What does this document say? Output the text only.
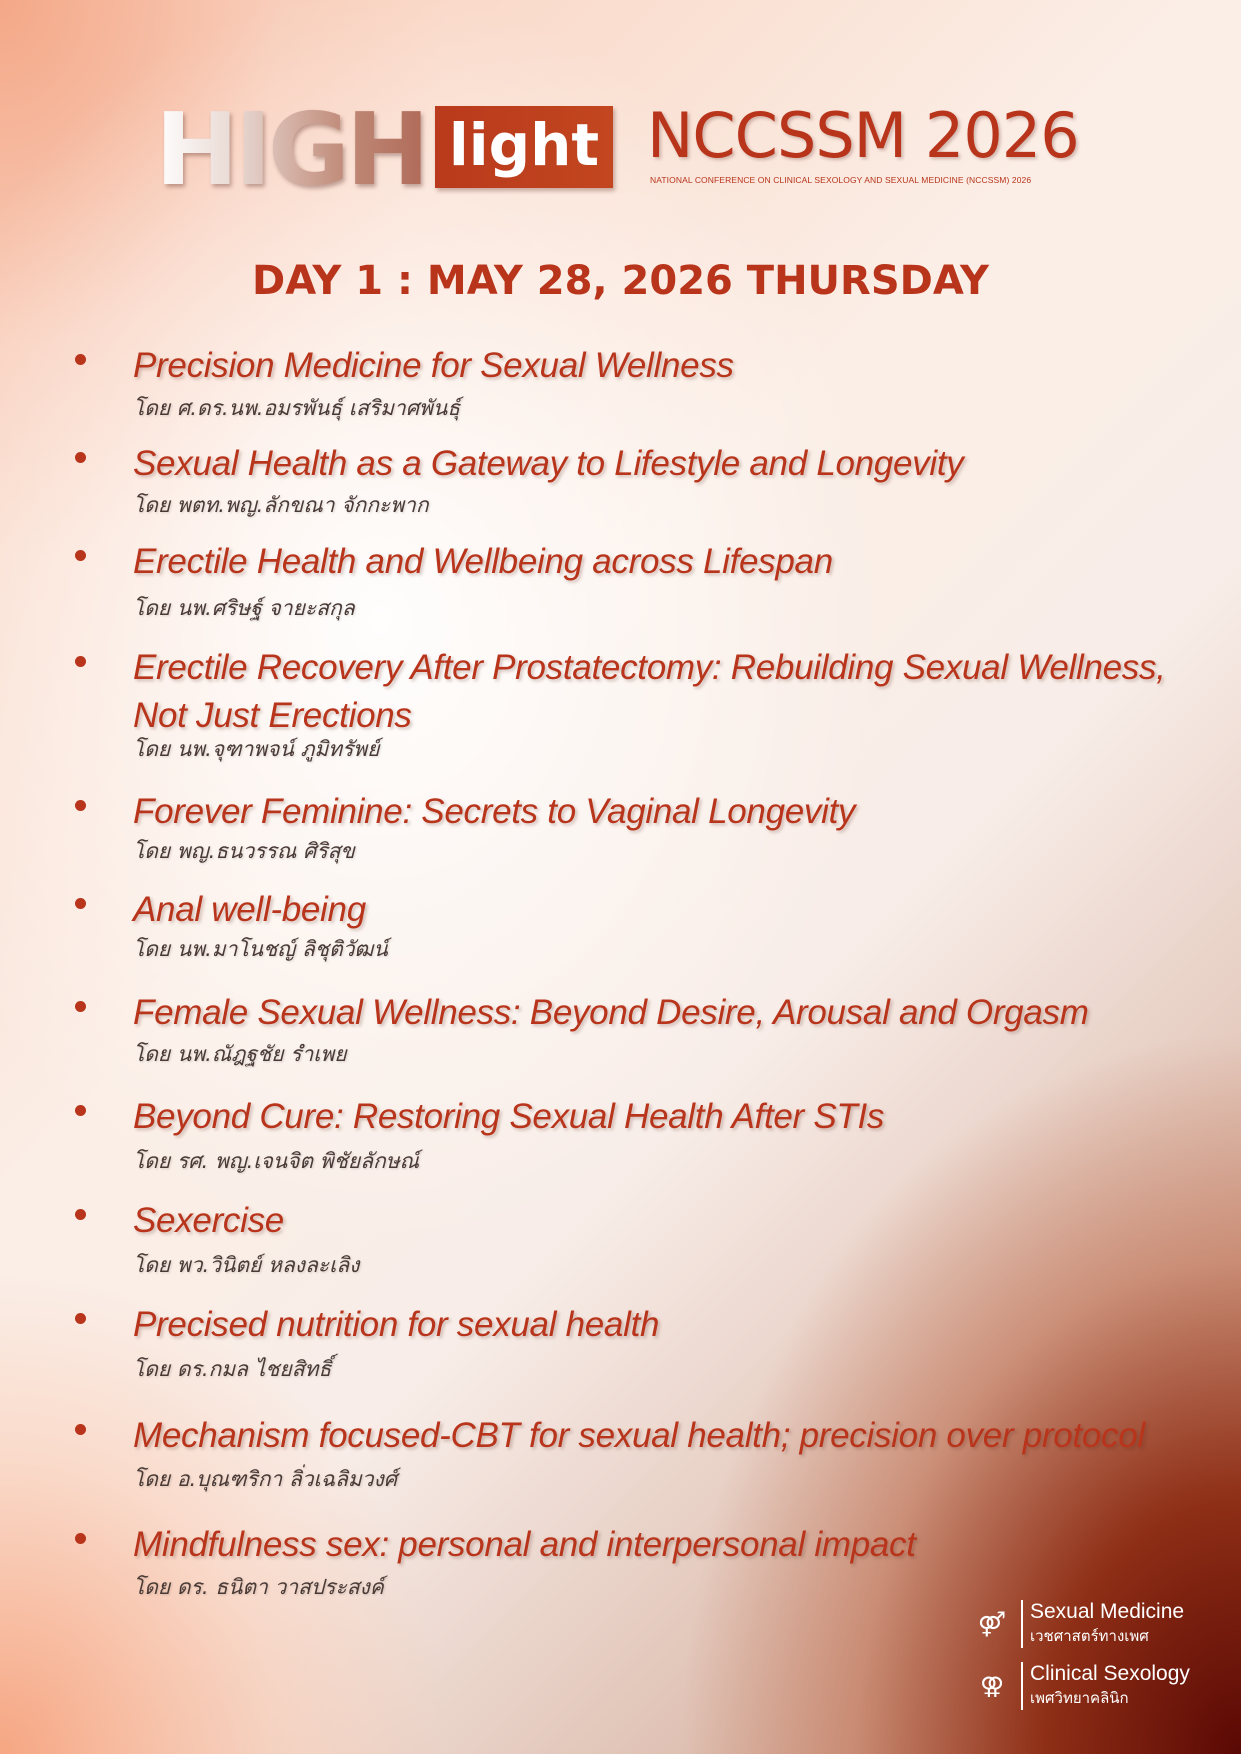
HIGH light NCCSSM 2026
NATIONAL CONFERENCE ON CLINICAL SEXOLOGY AND SEXUAL MEDICINE (NCCSSM) 2026
DAY 1 : MAY 28, 2026 THURSDAY
Precision Medicine for Sexual Wellness
โดย ศ.ดร.นพ.อมรพันธุ์ เสริมาศพันธุ์
Sexual Health as a Gateway to Lifestyle and Longevity
โดย พตท.พญ.ลักขณา จักกะพาก
Erectile Health and Wellbeing across Lifespan
โดย นพ.ศริษฐ์ จายะสกุล
Erectile Recovery After Prostatectomy: Rebuilding Sexual Wellness, Not Just Erections
โดย นพ.จุฑาพจน์ ภูมิทรัพย์
Forever Feminine: Secrets to Vaginal Longevity
โดย พญ.ธนวรรณ ศิริสุข
Anal well-being
โดย นพ.มาโนชญ์ ลิชุติวัฒน์
Female Sexual Wellness: Beyond Desire, Arousal and Orgasm
โดย นพ.ณัฎฐชัย รำเพย
Beyond Cure: Restoring Sexual Health After STIs
โดย รศ. พญ.เจนจิต พิชัยลักษณ์
Sexercise
โดย พว.วินิตย์ หลงละเลิง
Precised nutrition for sexual health
โดย ดร.กมล ไชยสิทธิ์
Mechanism focused-CBT for sexual health; precision over protocol
โดย อ.บุณฑริกา ลิ่วเฉลิมวงศ์
Mindfulness sex: personal and interpersonal impact
โดย ดร. ธนิตา วาสประสงค์
⚤	Sexual Medicine
เวชศาสตร์ทางเพศ
⚢	Clinical Sexology
เพศวิทยาคลินิก
